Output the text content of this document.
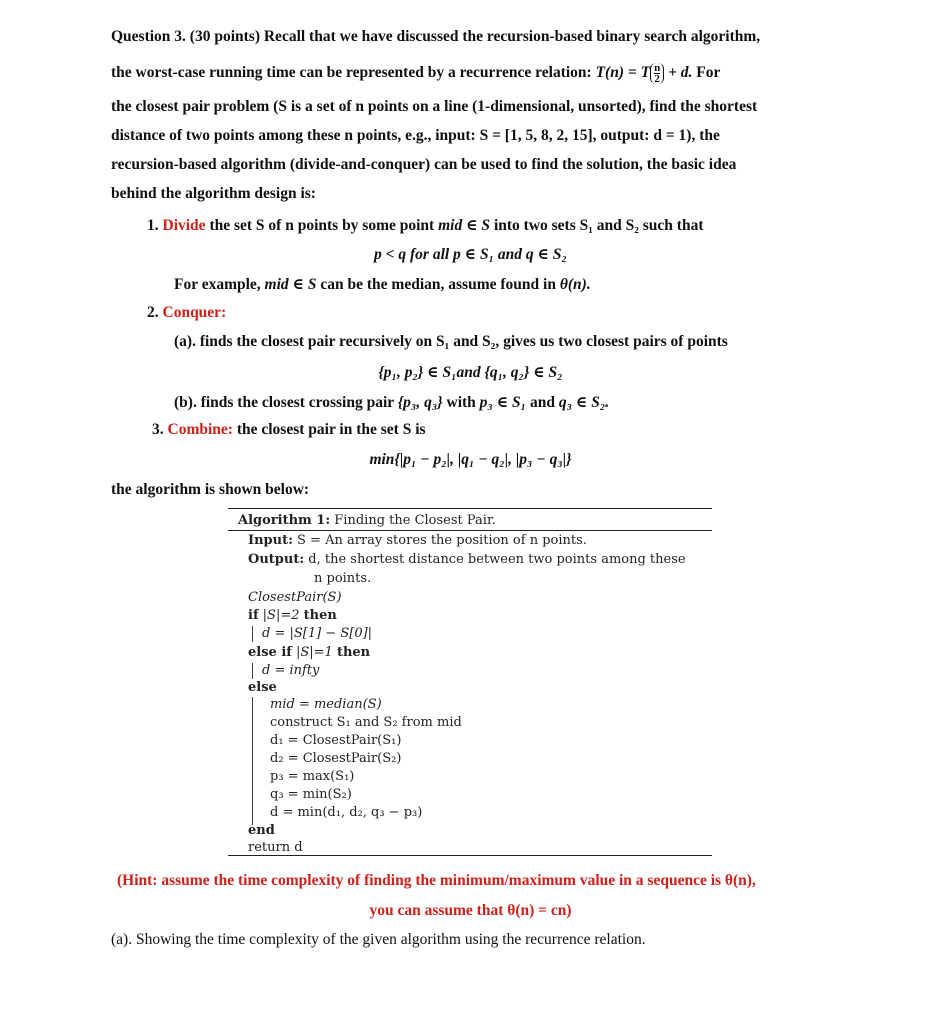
Question 3. (30 points) Recall that we have discussed the recursion-based binary search algorithm,
the worst-case running time can be represented by a recurrence relation: T(n) = T $\frac{n}{2} + d$. For
the closest pair problem (S is a set of n points on a line (1-dimensional, unsorted), find the shortest
distance of two points among these n points, e.g., input: S = [1, 5, 8, 2, 15], output: d = 1), the
recursion-based algorithm (divide-and-conquer) can be used to find the solution, the basic idea
behind the algorithm design is:
1. Divide the set S of n points by some point mid ∈ S into two sets S₁ and S₂ such that
p < q for all p ∈ S₁ and q ∈ S₂
For example, mid ∈ S can be the median, assume found in θ(n).
2. Conquer:
(a). finds the closest pair recursively on S₁ and S₂, gives us two closest pairs of points
{p₁, p₂} ∈ S₁and {q₁, q₂} ∈ S₂
(b). finds the closest crossing pair {p₃, q₃} with p₃ ∈ S₁ and q₃ ∈ S₂.
3. Combine: the closest pair in the set S is
min{|p₁ − p₂|, |q₁ − q₂|, |p₃ − q₃|}
the algorithm is shown below:
Algorithm 1: Finding the Closest Pair.
Input: S = An array stores the position of n points.
Output: d, the shortest distance between two points among these
n points.
ClosestPair(S)
if |S|=2 then
d = |S[1] − S[0]|
else if |S|=1 then
d = infty
else
mid = median(S)
construct S₁ and S₂ from mid
d₁ = ClosestPair(S₁)
d₂ = ClosestPair(S₂)
p₃ = max(S₁)
q₃ = min(S₂)
d = min(d₁, d₂, q₃ − p₃)
end
return d
(Hint: assume the time complexity of finding the minimum/maximum value in a sequence is θ(n),
you can assume that θ(n) = cn)
(a). Showing the time complexity of the given algorithm using the recurrence relation.
